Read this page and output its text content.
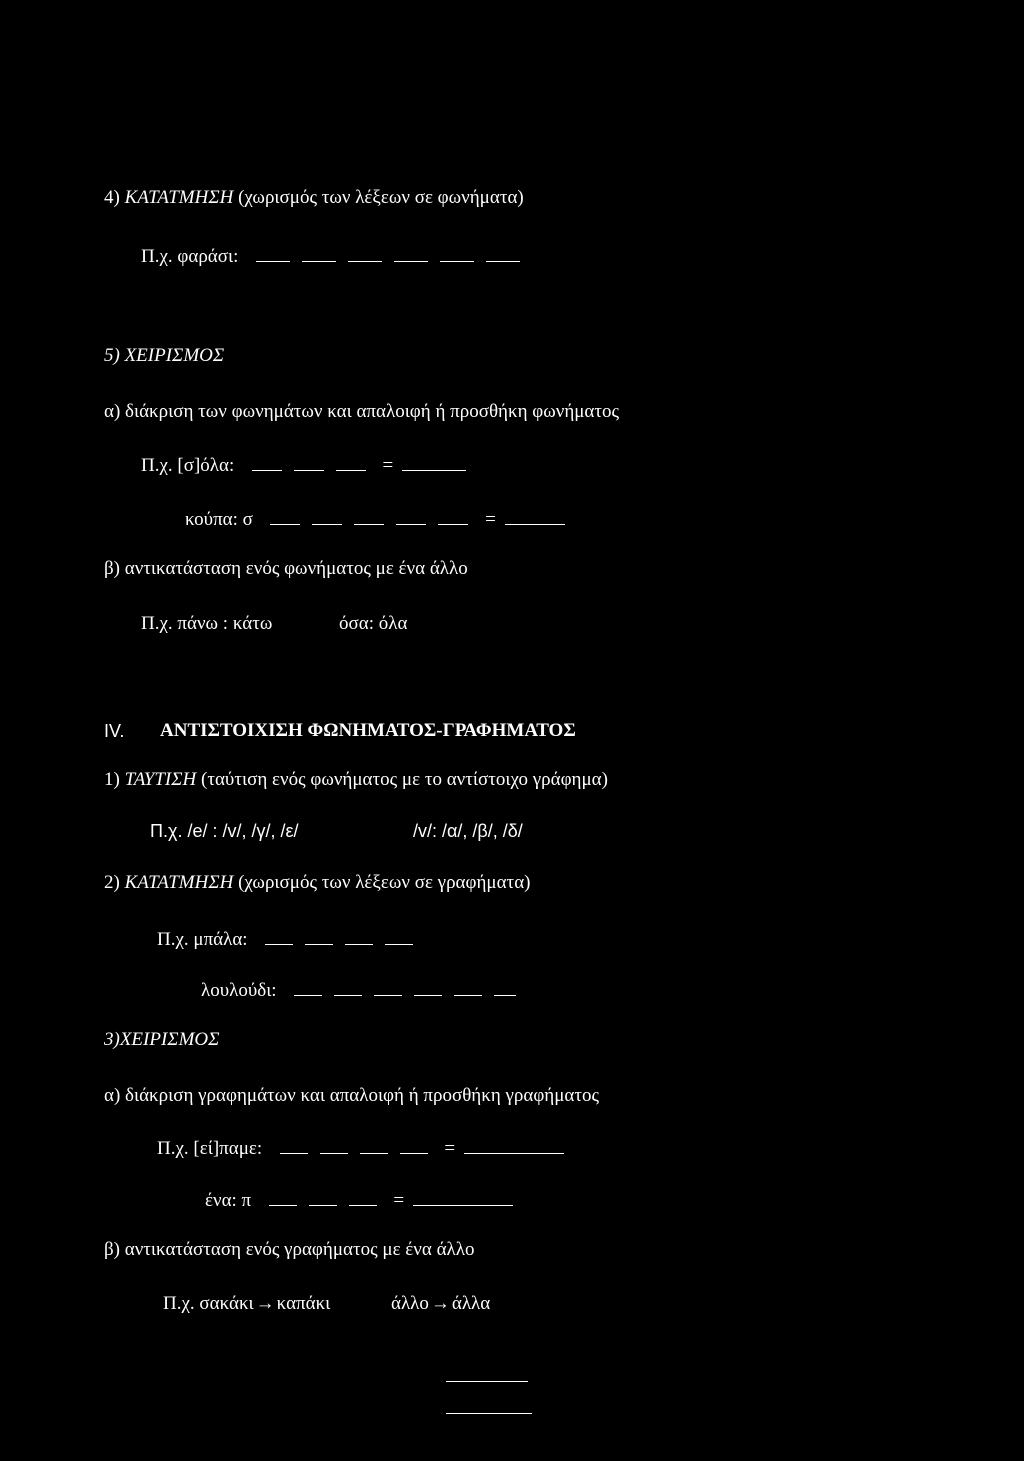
4) ΚΑΤΑΤΜΗΣΗ (χωρισμός των λέξεων σε φωνήματα)
Π.χ. φαράσι:
5) ΧΕΙΡΙΣΜΟΣ
α) διάκριση των φωνημάτων και απαλοιφή ή προσθήκη φωνήματος
Π.χ. [σ]όλα:	=
κούπα: σ	=
β) αντικατάσταση ενός φωνήματος με ένα άλλο
Π.χ. πάνω : κάτω	όσα: όλα
IV. ΑΝΤΙΣΤΟΙΧΙΣΗ ΦΩΝΗΜΑΤΟΣ-ΓΡΑΦΗΜΑΤΟΣ
1) ΤΑΥΤΙΣΗ (ταύτιση ενός φωνήματος με το αντίστοιχο γράφημα)
Π.χ. /e/ : /v/, /γ/, /ε/	/v/: /α/, /β/, /δ/
2) ΚΑΤΑΤΜΗΣΗ (χωρισμός των λέξεων σε γραφήματα)
Π.χ. μπάλα:
λουλούδι:
3)ΧΕΙΡΙΣΜΟΣ
α) διάκριση γραφημάτων και απαλοιφή ή προσθήκη γραφήματος
Π.χ. [εί]παμε:	=
ένα: π	=
β) αντικατάσταση ενός γραφήματος με ένα άλλο
Π.χ. σακάκι → καπάκι	άλλο → άλλα
